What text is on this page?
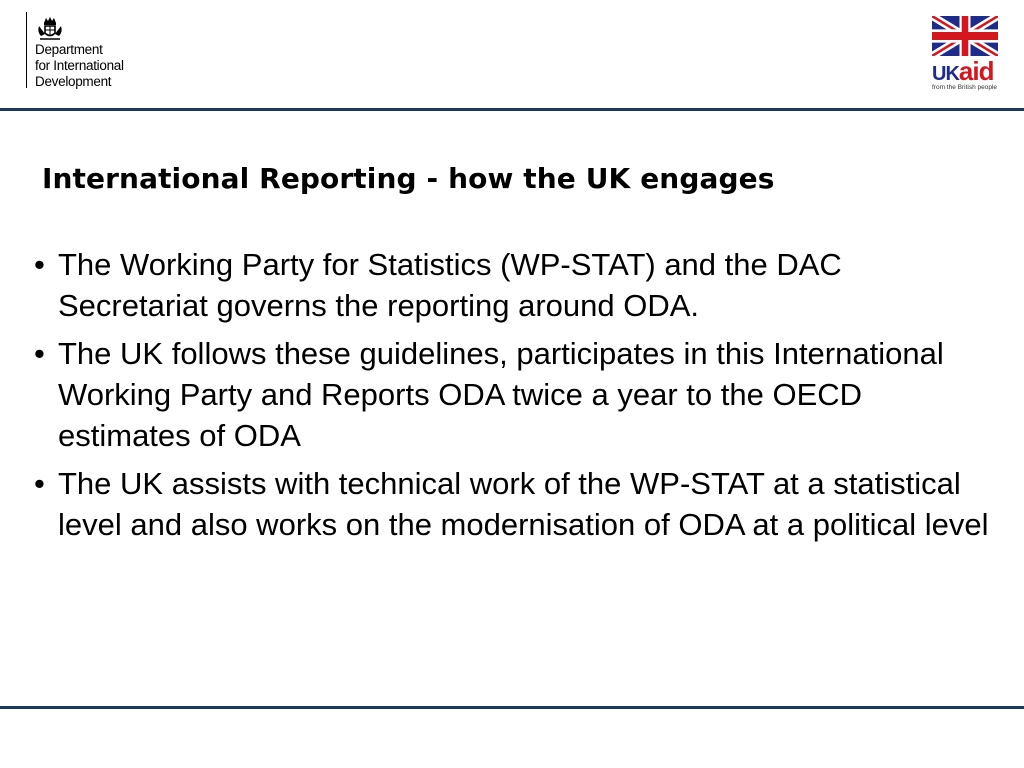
Department
for International
Development	UKaid
from the British people
International Reporting - how the UK engages
• The Working Party for Statistics (WP-STAT) and the DAC Secretariat governs the reporting around ODA.
• The UK follows these guidelines, participates in this International Working Party and Reports ODA twice a year to the OECD estimates of ODA
• The UK assists with technical work of the WP-STAT at a statistical level and also works on the modernisation of ODA at a political level
